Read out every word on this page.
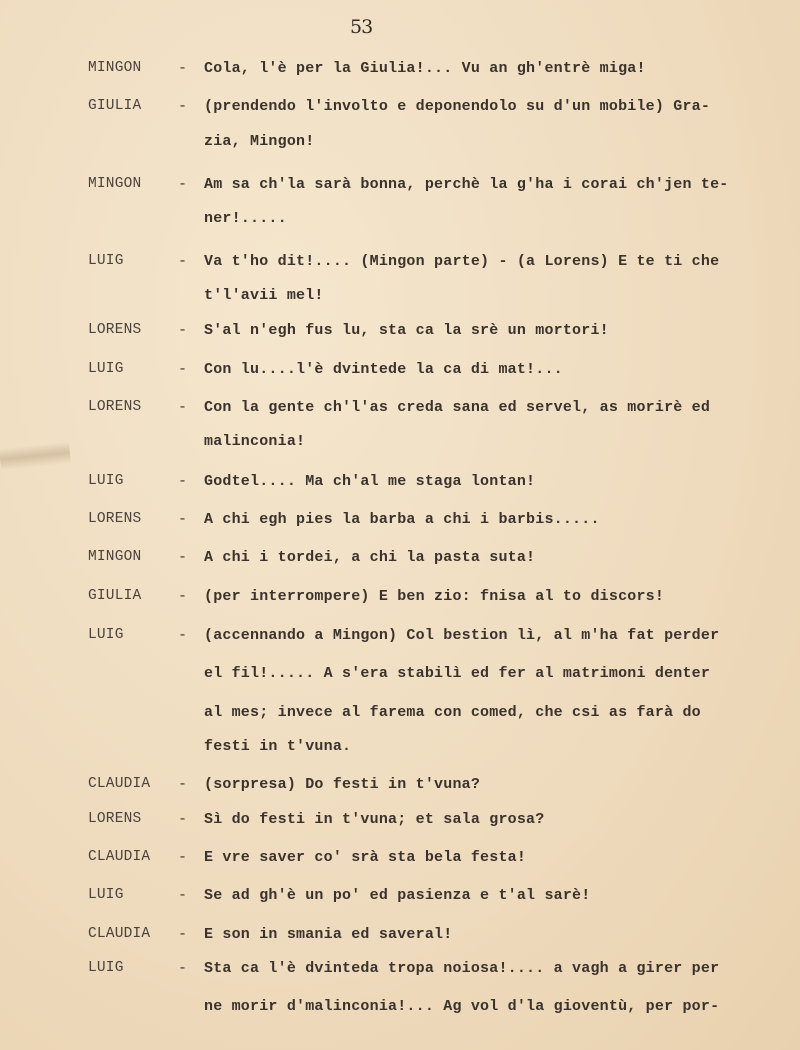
53
MINGON	- Cola, l'è per la Giulia!... Vu an gh'entrè miga!
GIULIA	- (prendendo l'involto e deponendolo su d'un mobile) Gra-
zia, Mingon!
MINGON	- Am sa ch'la sarà bonna, perchè la g'ha i corai ch'jen te-
ner!.....
LUIG	- Va t'ho dit!.... (Mingon parte) - (a Lorens) E te ti che
t'l'avii mel!
LORENS	- S'al n'egh fus lu, sta ca la srè un mortori!
LUIG	- Con lu....l'è dvintede la ca di mat!...
LORENS	- Con la gente ch'l'as creda sana ed servel, as morirè ed
malinconia!
LUIG	- Godtel.... Ma ch'al me staga lontan!
LORENS	- A chi egh pies la barba a chi i barbis.....
MINGON	- A chi i tordei, a chi la pasta suta!
GIULIA	- (per interrompere) E ben zio: fnisa al to discors!
LUIG	- (accennando a Mingon) Col bestion lì, al m'ha fat perder
el fil!..... A s'era stabilì ed fer al matrimoni denter
al mes; invece al farema con comed, che csi as farà do
festi in t'vuna.
CLAUDIA	- (sorpresa) Do festi in t'vuna?
LORENS	- Sì do festi in t'vuna; et sala grosa?
CLAUDIA	- E vre saver co' srà sta bela festa!
LUIG	- Se ad gh'è un po' ed pasienza e t'al sarè!
CLAUDIA	- E son in smania ed saveral!
LUIG	- Sta ca l'è dvinteda tropa noiosa!.... a vagh a girer per
ne morir d'malinconia!... Ag vol d'la gioventù, per por-
